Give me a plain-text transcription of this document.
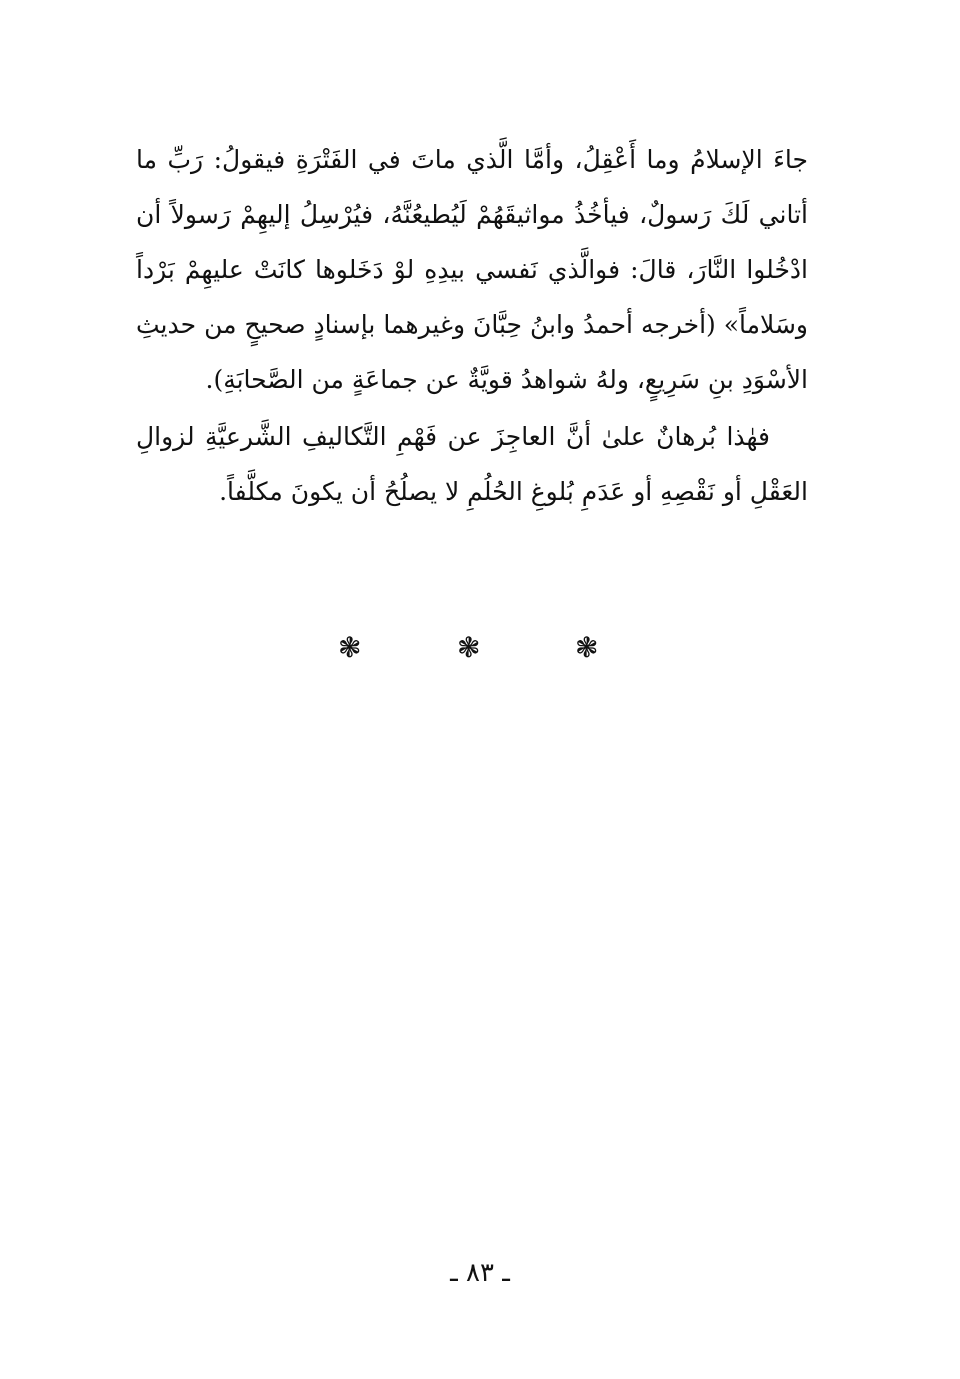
جاءَ الإسلامُ وما أَعْقِلُ، وأمَّا الَّذي ماتَ في الفَتْرَةِ فيقولُ: رَبِّ ما أتاني لَكَ رَسولٌ، فيأخُذُ مواثيقَهُمْ لَيُطيعُنَّهُ، فيُرْسِلُ إليهِمْ رَسولاً أن ادْخُلوا النَّارَ، قالَ: فوالَّذي نَفسي بيدِهِ لوْ دَخَلوها كانَتْ عليهِمْ بَرْداً وسَلاماً» (أخرجه أحمدُ وابنُ حِبَّانَ وغيرهما بإسنادٍ صحيحٍ من حديثِ الأسْوَدِ بنِ سَرِيعٍ، ولهُ شواهدُ قويَّةٌ عن جماعَةٍ من الصَّحابَةِ).

فهٰذا بُرهانٌ علىٰ أنَّ العاجِزَ عن فَهْمِ التَّكاليفِ الشَّرعيَّةِ لزوالِ العَقْلِ أو نَقْصِهِ أو عَدَمِ بُلوغِ الحُلُمِ لا يصلُحُ أن يكونَ مكلَّفاً.

❃
❃
❃
ـ ٨٣ ـ
